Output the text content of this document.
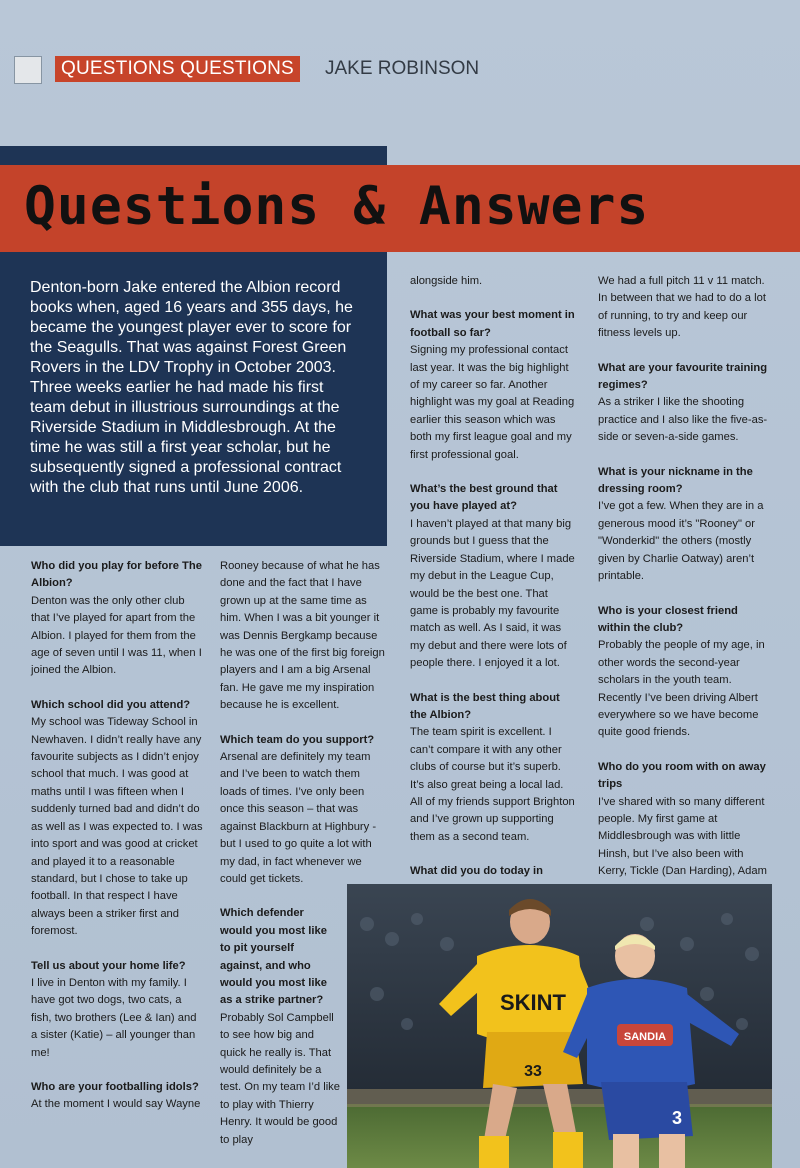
QUESTIONS QUESTIONS	JAKE ROBINSON
Questions & Answers

Denton-born Jake entered the Albion record books when, aged 16 years and 355 days, he became the youngest player ever to score for the Seagulls. That was against Forest Green Rovers in the LDV Trophy in October 2003. Three weeks earlier he had made his first team debut in illustrious surroundings at the Riverside Stadium in Middlesbrough. At the time he was still a first year scholar, but he subsequently signed a professional contract with the club that runs until June 2006.

Who did you play for before The Albion?

Denton was the only other club that I’ve played for apart from the Albion. I played for them from the age of seven until I was 11, when I joined the Albion.

Which school did you attend?

My school was Tideway School in Newhaven. I didn’t really have any favourite subjects as I didn’t enjoy school that much. I was good at maths until I was fifteen when I suddenly turned bad and didn’t do as well as I was expected to. I was into sport and was good at cricket and played it to a reasonable standard, but I chose to take up football. In that respect I have always been a striker first and foremost.

Tell us about your home life?

I live in Denton with my family. I have got two dogs, two cats, a fish, two brothers (Lee & Ian) and a sister (Katie) – all younger than me!

Who are your footballing idols?

At the moment I would say Wayne

Rooney because of what he has done and the fact that I have grown up at the same time as him. When I was a bit younger it was Dennis Bergkamp because he was one of the first big foreign players and I am a big Arsenal fan. He gave me my inspiration because he is excellent.

Which team do you support?

Arsenal are definitely my team and I’ve been to watch them loads of times. I’ve only been once this season – that was against Blackburn at Highbury - but I used to go quite a lot with my dad, in fact whenever we could get tickets.

Which defender would you most like to pit yourself against, and who would you most like as a strike partner?

Probably Sol Campbell to see how big and quick he really is. That would definitely be a test. On my team I’d like to play with Thierry Henry. It would be good to play

alongside him.

What was your best moment in football so far?

Signing my professional contact last year. It was the big highlight of my career so far. Another highlight was my goal at Reading earlier this season which was both my first league goal and my first professional goal.

What’s the best ground that you have played at?

I haven’t played at that many big grounds but I guess that the Riverside Stadium, where I made my debut in the League Cup, would be the best one. That game is probably my favourite match as well. As I said, it was my debut and there were lots of people there. I enjoyed it a lot.

What is the best thing about the Albion?

The team spirit is excellent. I can’t compare it with any other clubs of course but it’s superb. It’s also great being a local lad. All of my friends support Brighton and I’ve grown up supporting them as a second team.

What did you do today in

We had a full pitch 11 v 11 match. In between that we had to do a lot of running, to try and keep our fitness levels up.

What are your favourite training regimes?

As a striker I like the shooting practice and I also like the five-as-side or seven-a-side games.

What is your nickname in the dressing room?

I’ve got a few. When they are in a generous mood it’s "Rooney" or "Wonderkid" the others (mostly given by Charlie Oatway) aren’t printable.

Who is your closest friend within the club?

Probably the people of my age, in other words the second-year scholars in the youth team. Recently I’ve been driving Albert everywhere so we have become quite good friends.

Who do you room with on away trips

I’ve shared with so many different people. My first game at Middlesbrough was with little Hinsh, but I’ve also been with Kerry, Tickle (Dan Harding), Adam

SKINT
33
SANDIA
3
